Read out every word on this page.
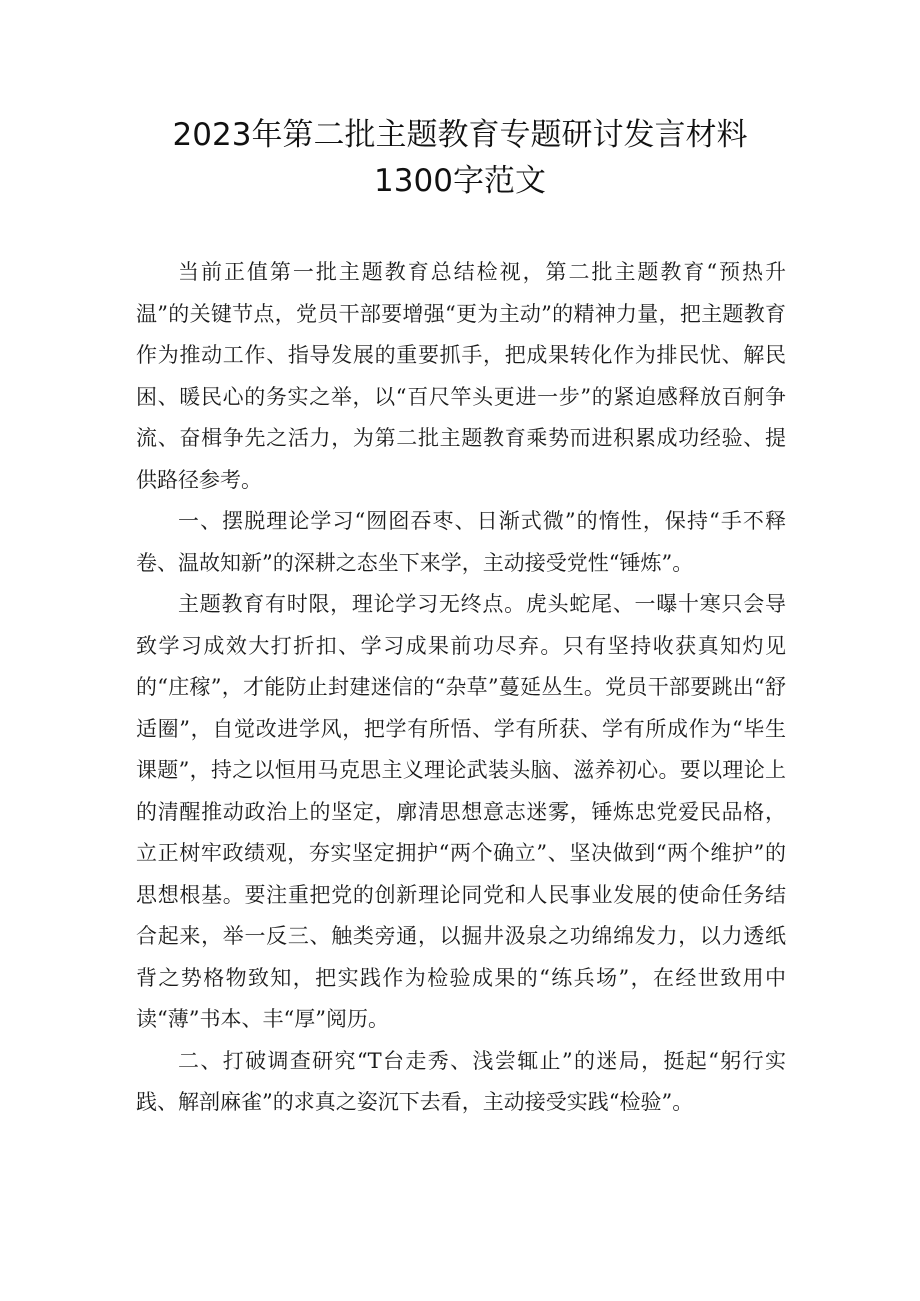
2023年第二批主题教育专题研讨发言材料
1300字范文

当前正值第一批主题教育总结检视，第二批主题教育“预热升温”的关键节点，党员干部要增强“更为主动”的精神力量，把主题教育作为推动工作、指导发展的重要抓手，把成果转化作为排民忧、解民困、暖民心的务实之举，以“百尺竿头更进一步”的紧迫感释放百舸争流、奋楫争先之活力，为第二批主题教育乘势而进积累成功经验、提供路径参考。

一、摆脱理论学习“囫囵吞枣、日渐式微”的惰性，保持“手不释卷、温故知新”的深耕之态坐下来学，主动接受党性“锤炼”。

主题教育有时限，理论学习无终点。虎头蛇尾、一曝十寒只会导致学习成效大打折扣、学习成果前功尽弃。只有坚持收获真知灼见的“庄稼”，才能防止封建迷信的“杂草”蔓延丛生。党员干部要跳出“舒适圈”，自觉改进学风，把学有所悟、学有所获、学有所成作为“毕生课题”，持之以恒用马克思主义理论武装头脑、滋养初心。要以理论上的清醒推动政治上的坚定，廓清思想意志迷雾，锤炼忠党爱民品格，立正树牢政绩观，夯实坚定拥护“两个确立”、坚决做到“两个维护”的思想根基。要注重把党的创新理论同党和人民事业发展的使命任务结合起来，举一反三、触类旁通，以掘井汲泉之功绵绵发力，以力透纸背之势格物致知，把实践作为检验成果的“练兵场”，在经世致用中读“薄”书本、丰“厚”阅历。

二、打破调查研究“T台走秀、浅尝辄止”的迷局，挺起“躬行实践、解剖麻雀”的求真之姿沉下去看，主动接受实践“检验”。
